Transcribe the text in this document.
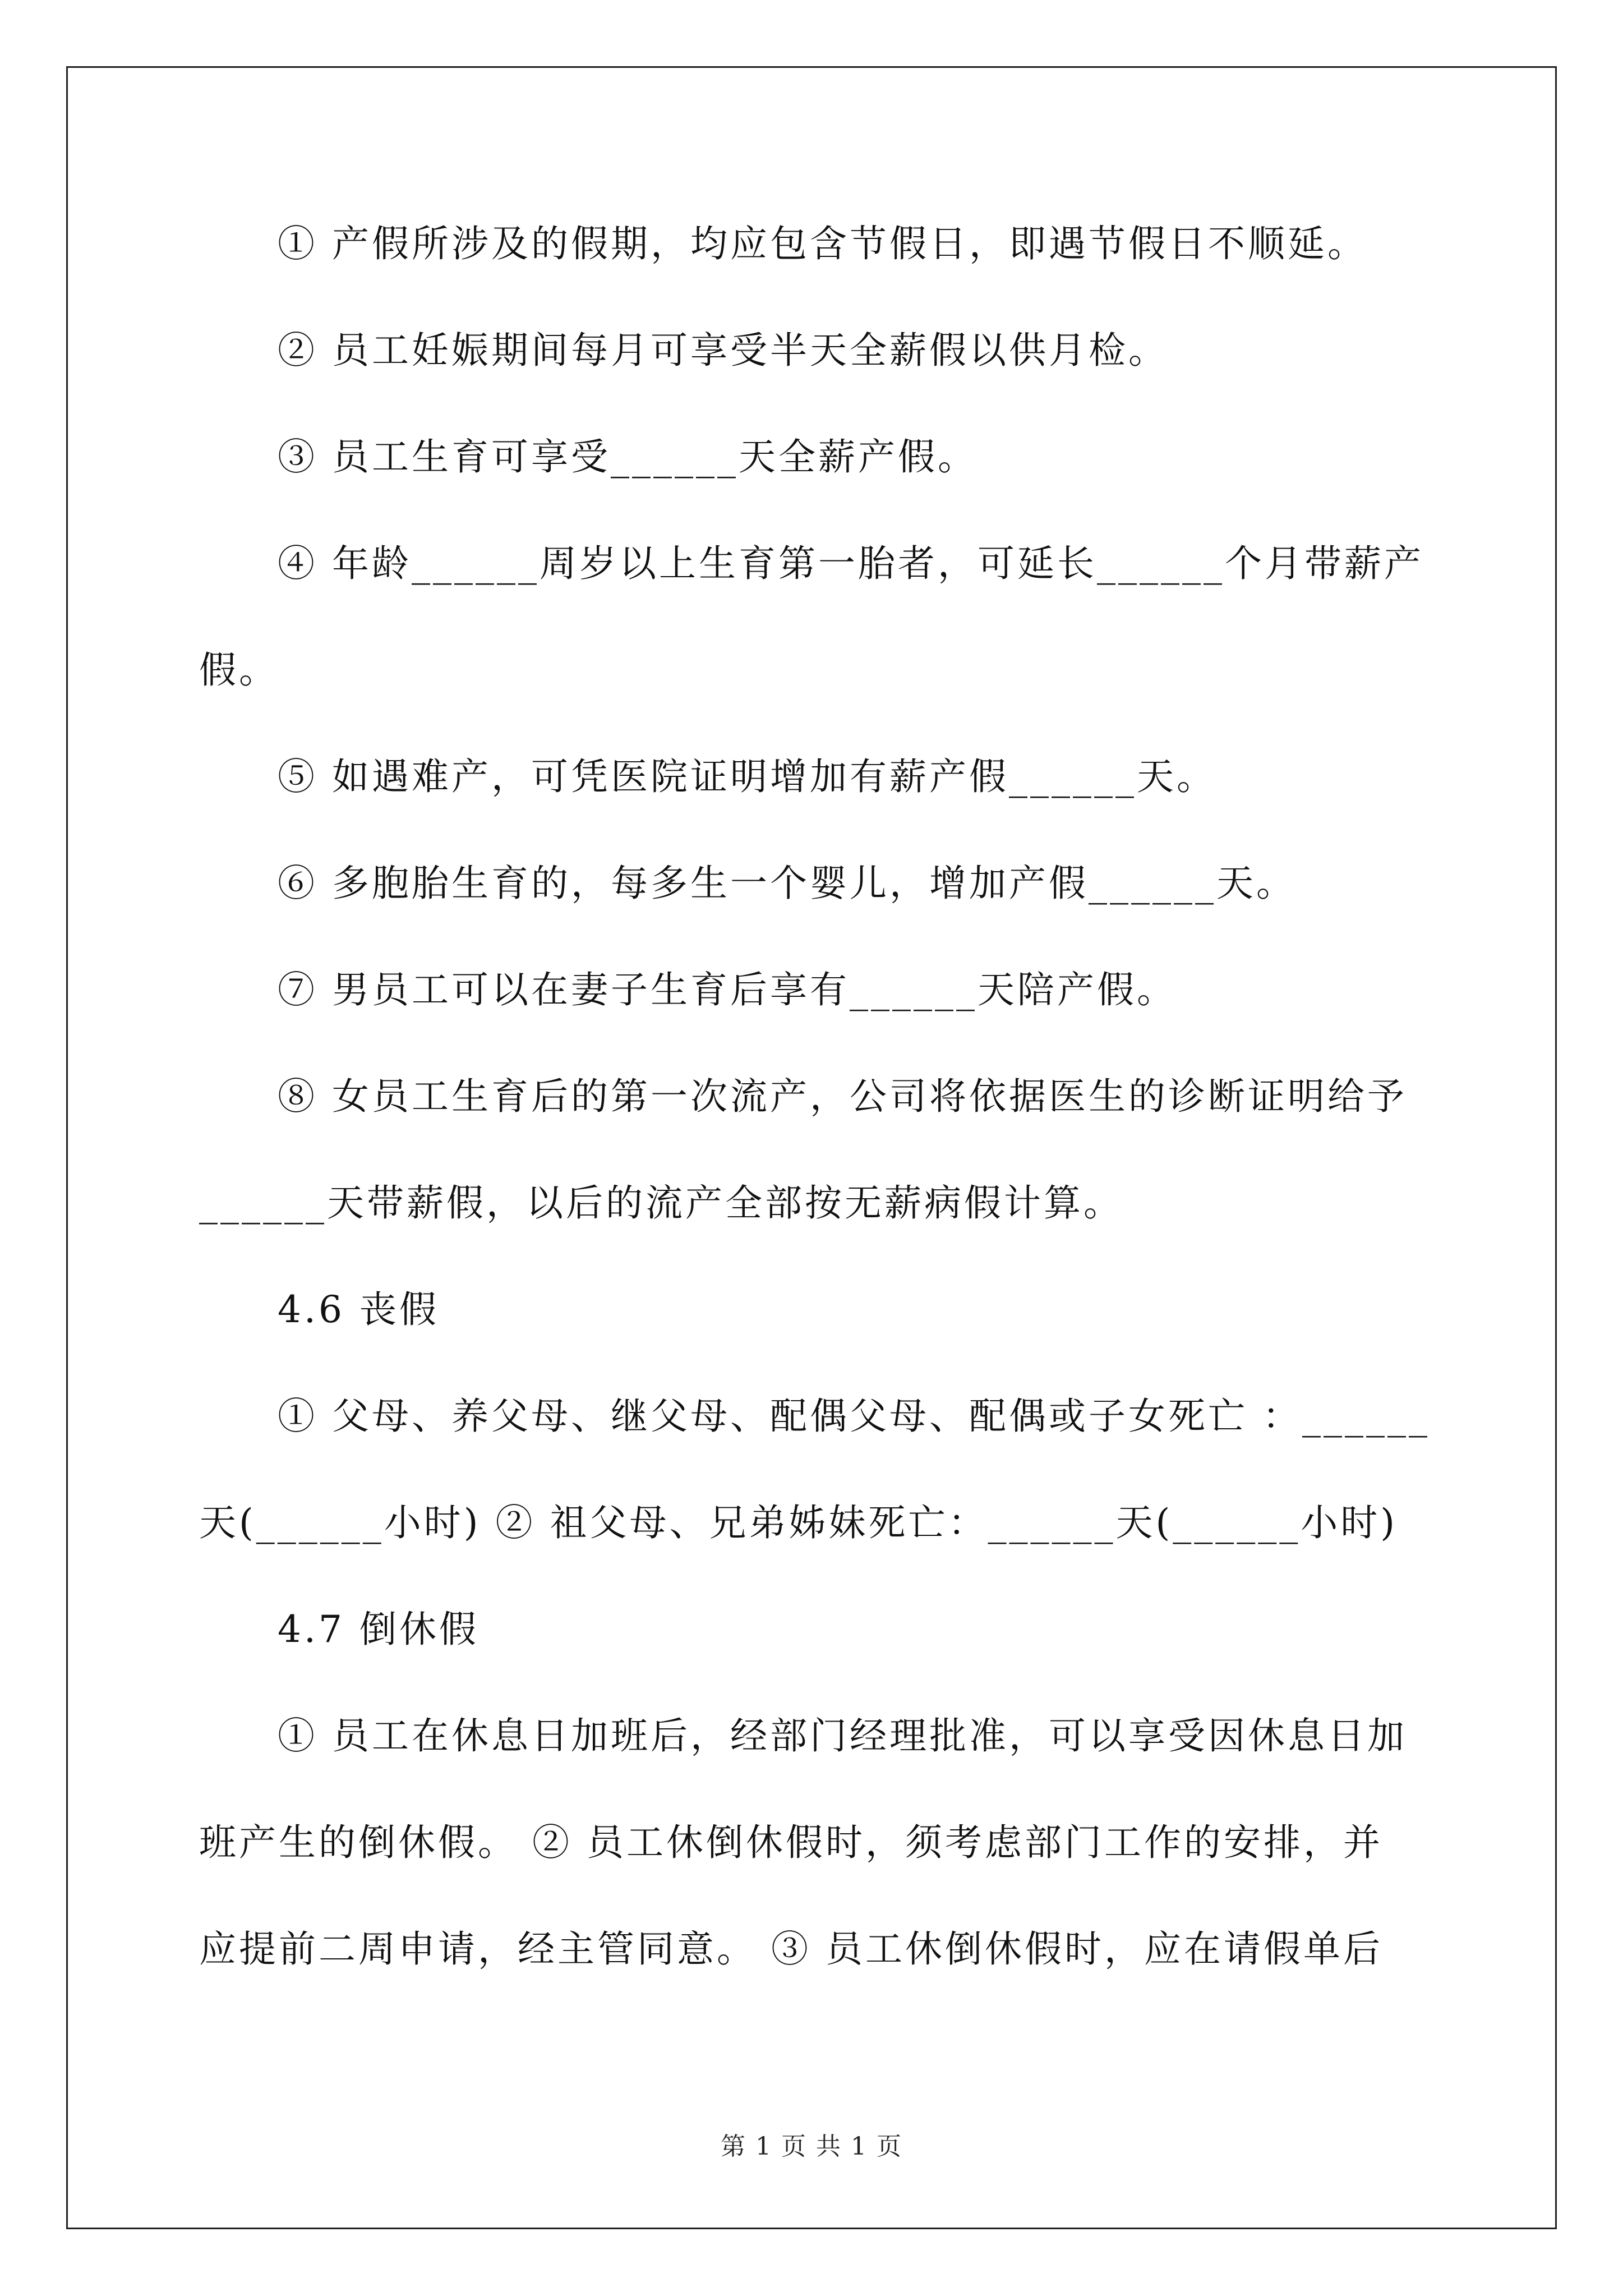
① 产假所涉及的假期，均应包含节假日，即遇节假日不顺延。
② 员工妊娠期间每月可享受半天全薪假以供月检。
③ 员工生育可享受______天全薪产假。
④ 年龄______周岁以上生育第一胎者，可延长______个月带薪产
假。
⑤ 如遇难产，可凭医院证明增加有薪产假______天。
⑥ 多胞胎生育的，每多生一个婴儿，增加产假______天。
⑦ 男员工可以在妻子生育后享有______天陪产假。
⑧ 女员工生育后的第一次流产，公司将依据医生的诊断证明给予
______天带薪假，以后的流产全部按无薪病假计算。
4.6 丧假
① 父母、养父母、继父母、配偶父母、配偶或子女死亡 ：______
天(______小时) ② 祖父母、兄弟姊妹死亡：______天(______小时)
4.7 倒休假
① 员工在休息日加班后，经部门经理批准，可以享受因休息日加
班产生的倒休假。 ② 员工休倒休假时，须考虑部门工作的安排，并
应提前二周申请，经主管同意。 ③ 员工休倒休假时，应在请假单后
第 1 页 共 1 页
